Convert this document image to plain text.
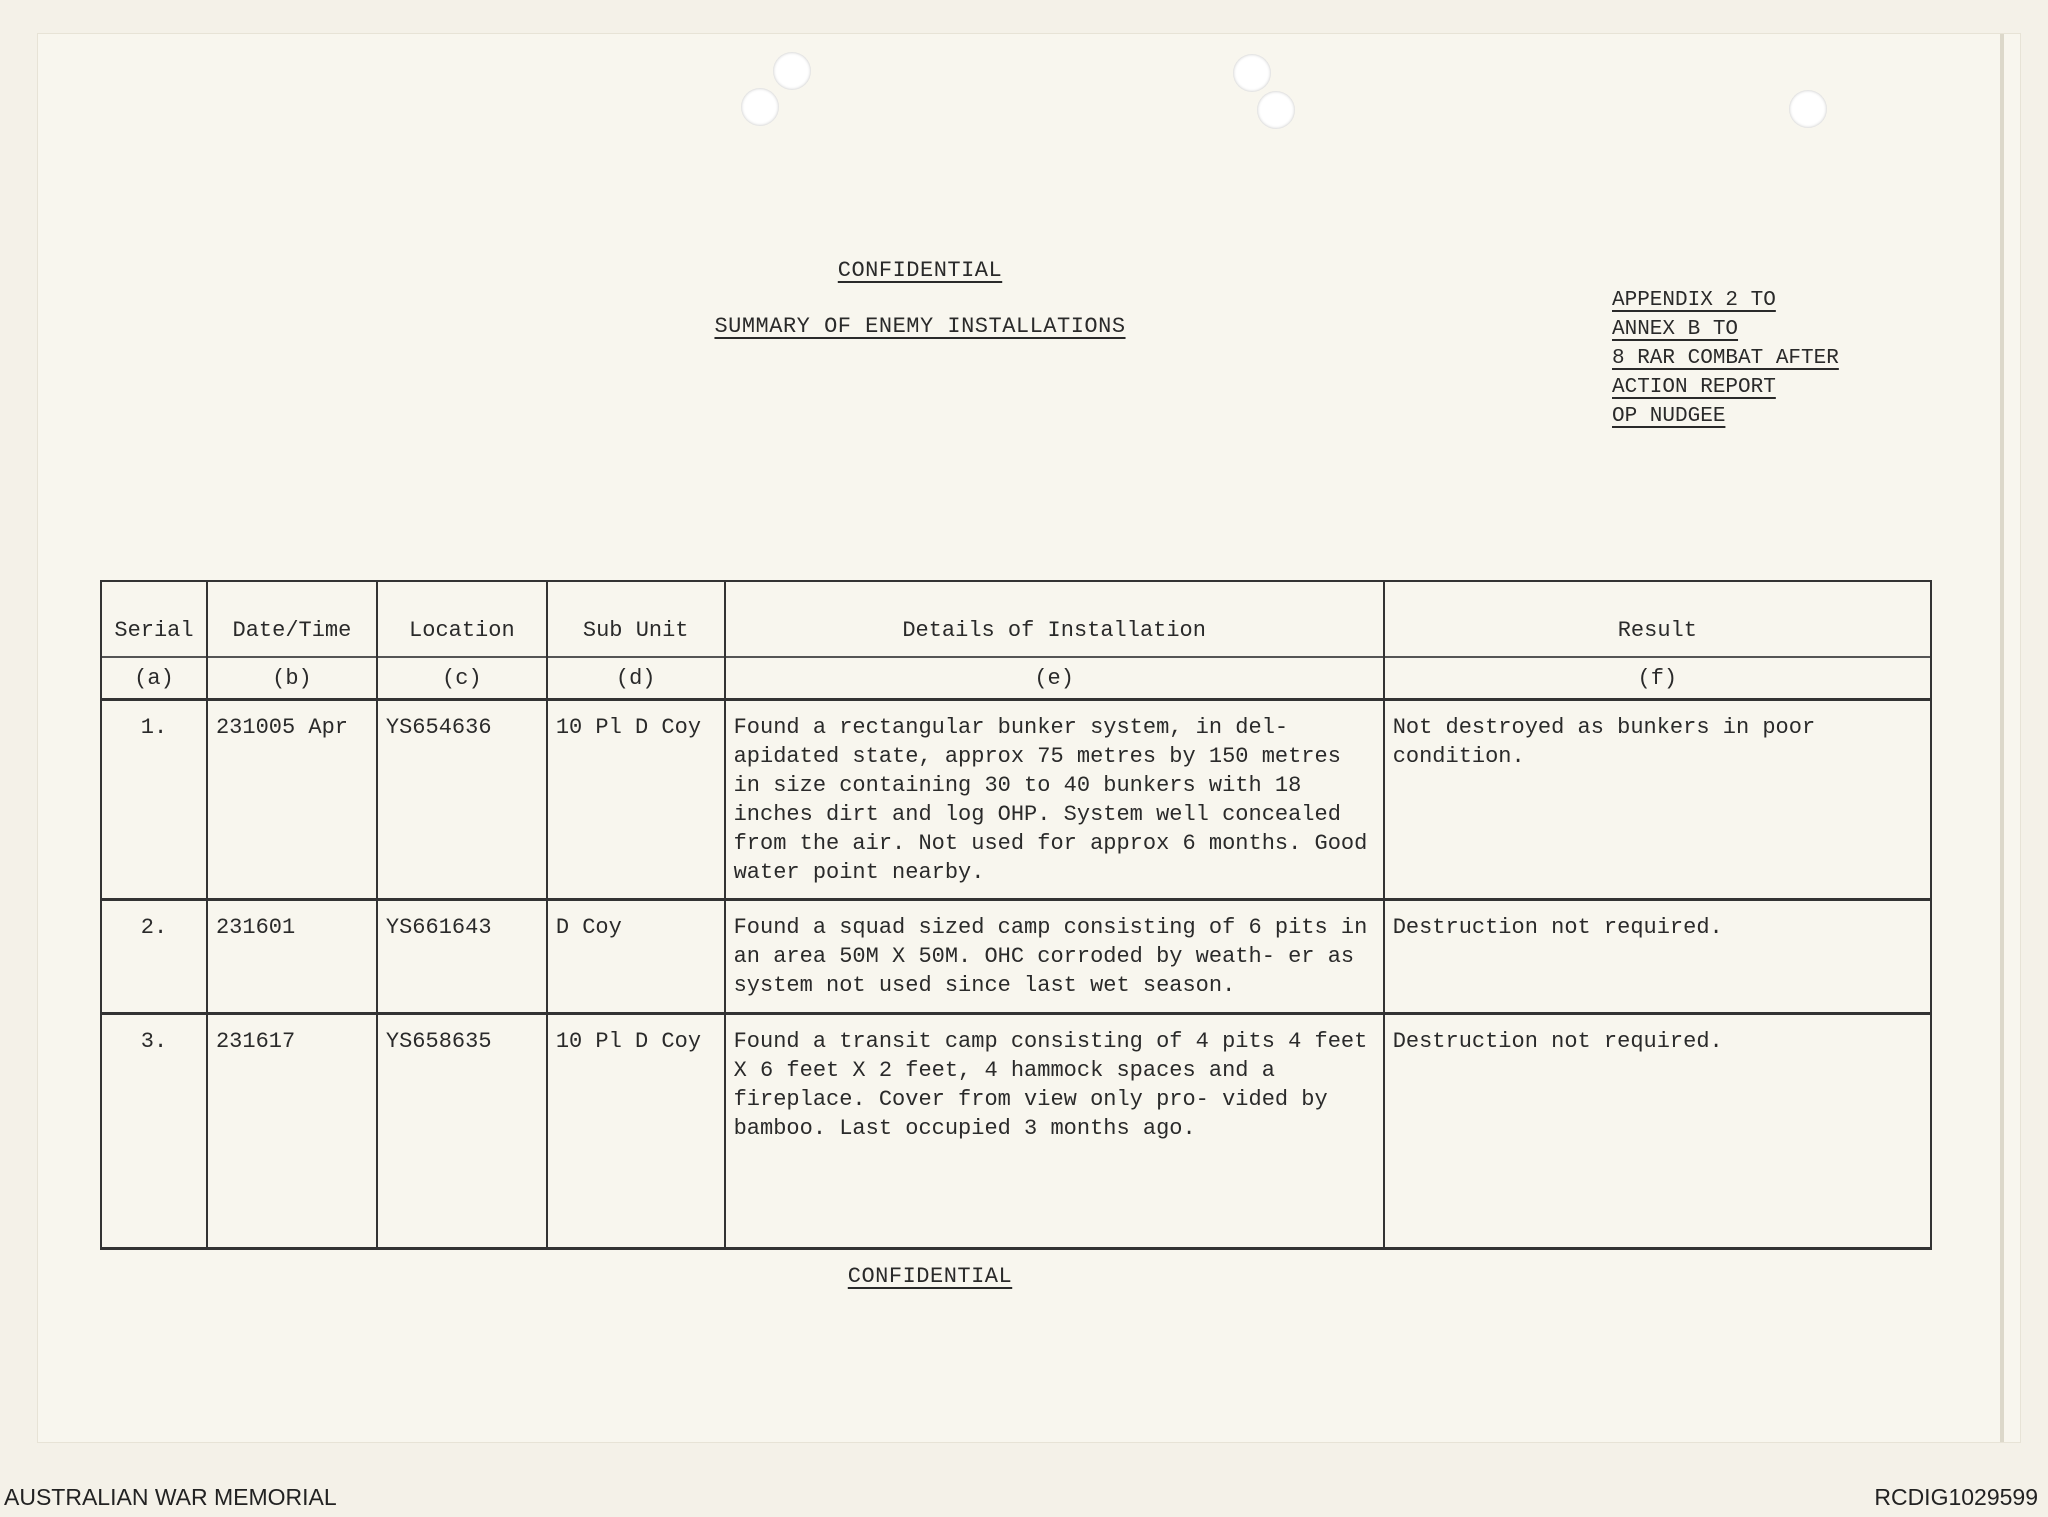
CONFIDENTIAL
SUMMARY OF ENEMY INSTALLATIONS
APPENDIX 2 TO
ANNEX B TO
8 RAR COMBAT AFTER
ACTION REPORT
OP NUDGEE
Serial	Date/Time	Location	Sub Unit	Details of Installation	Result
(a)	(b)	(c)	(d)	(e)	(f)
1.	231005 Apr	YS654636	10 Pl D Coy	Found a rectangular bunker system, in del- apidated state, approx 75 metres by 150 metres in size containing 30 to 40 bunkers with 18 inches dirt and log OHP. System well concealed from the air. Not used for approx 6 months. Good water point nearby.	Not destroyed as bunkers in poor condition.
2.	231601	YS661643	D Coy	Found a squad sized camp consisting of 6 pits in an area 50M X 50M. OHC corroded by weath- er as system not used since last wet season.	Destruction not required.
3.	231617	YS658635	10 Pl D Coy	Found a transit camp consisting of 4 pits 4 feet X 6 feet X 2 feet, 4 hammock spaces and a fireplace. Cover from view only pro- vided by bamboo. Last occupied 3 months ago.	Destruction not required.
CONFIDENTIAL
AUSTRALIAN WAR MEMORIAL	RCDIG1029599
